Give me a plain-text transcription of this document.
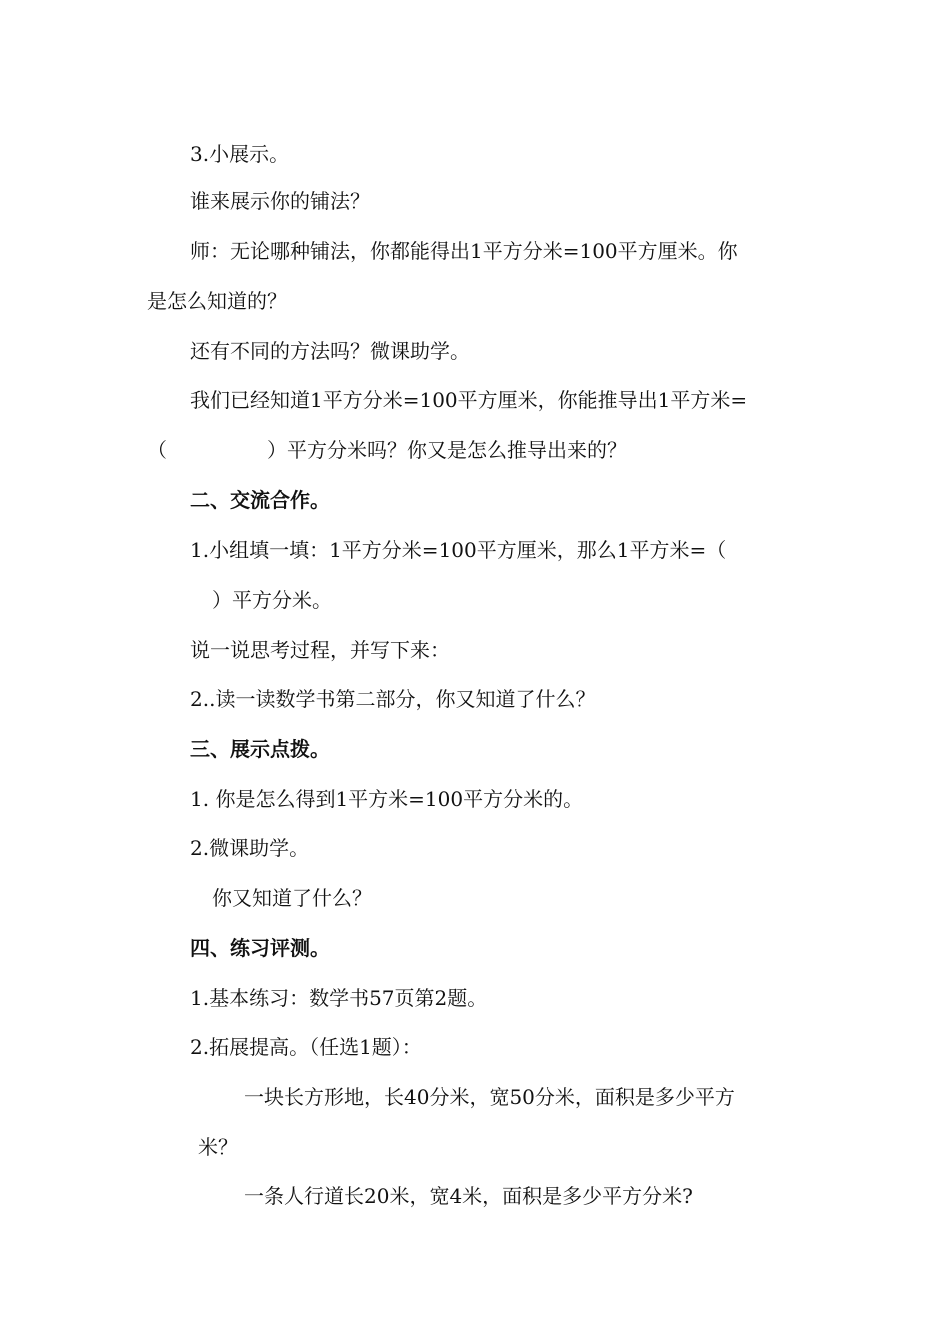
3.小展示。
谁来展示你的铺法？
师：无论哪种铺法，你都能得出1平方分米=100平方厘米。你
是怎么知道的？
还有不同的方法吗？微课助学。
我们已经知道1平方分米=100平方厘米，你能推导出1平方米=
（　　　　　）平方分米吗？你又是怎么推导出来的？
二、交流合作。
1.小组填一填：1平方分米=100平方厘米，那么1平方米=（
）平方分米。
说一说思考过程，并写下来：
2..读一读数学书第二部分，你又知道了什么？
三、展示点拨。
1. 你是怎么得到1平方米=100平方分米的。
2.微课助学。
你又知道了什么？
四、练习评测。
1.基本练习：数学书57页第2题。
2.拓展提高。（任选1题）：
一块长方形地，长40分米，宽50分米，面积是多少平方
米？
一条人行道长20米，宽4米，面积是多少平方分米?
